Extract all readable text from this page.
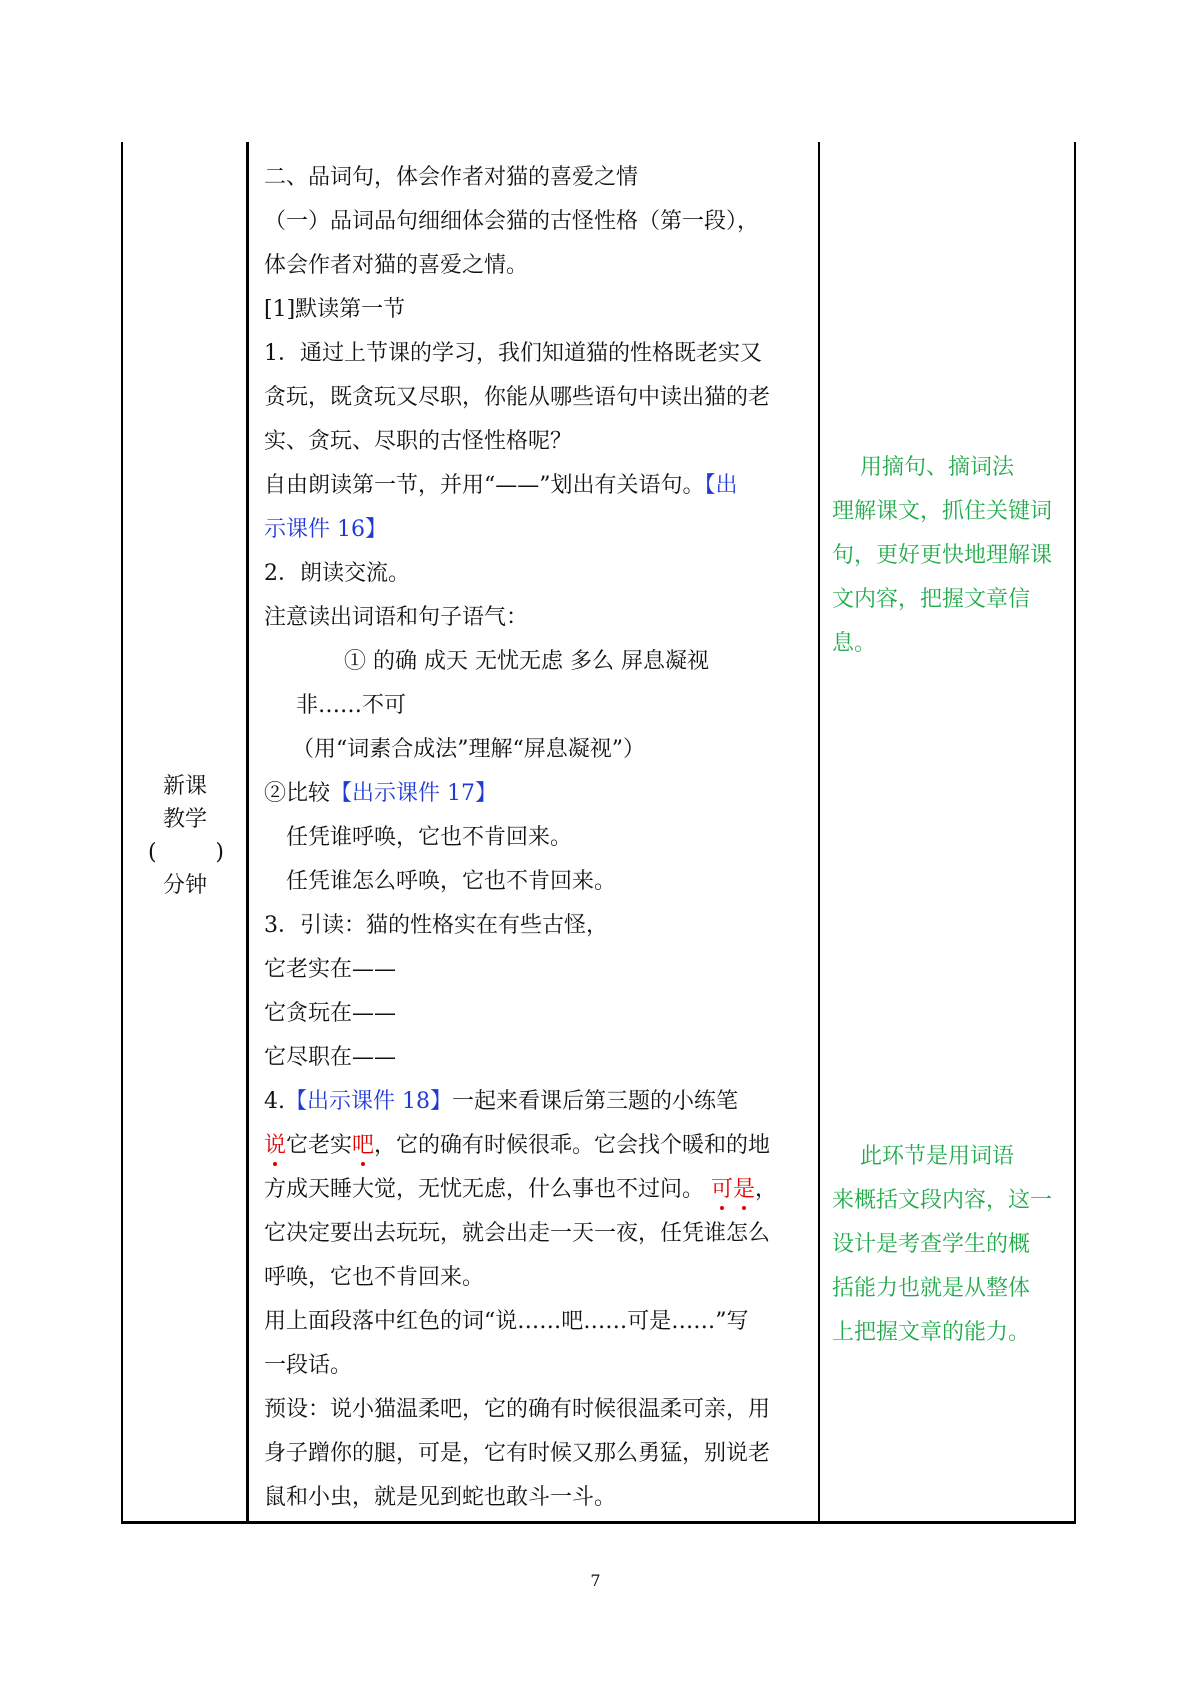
新课
教学
(	)
分钟
二、品词句，体会作者对猫的喜爱之情
（一）品词品句细细体会猫的古怪性格（第一段），
体会作者对猫的喜爱之情。
[1]默读第一节
1．通过上节课的学习，我们知道猫的性格既老实又
贪玩，既贪玩又尽职，你能从哪些语句中读出猫的老
实、贪玩、尽职的古怪性格呢？
自由朗读第一节，并用“——”划出有关语句。【出
示课件 16】
2．朗读交流。
注意读出词语和句子语气：
① 的确 成天 无忧无虑 多么 屏息凝视
非……不可
（用“词素合成法”理解“屏息凝视”）
②比较【出示课件 17】
任凭谁呼唤，它也不肯回来。
任凭谁怎么呼唤，它也不肯回来。
3．引读：猫的性格实在有些古怪，
它老实在——
它贪玩在——
它尽职在——
4.【出示课件 18】一起来看课后第三题的小练笔
说它老实吧，它的确有时候很乖。它会找个暖和的地
方成天睡大觉，无忧无虑，什么事也不过问。 可是
，
它决定要出去玩玩，就会出走一天一夜，任凭谁怎么
呼唤，它也不肯回来。
用上面段落中红色的词“说……吧……可是……”写
一段话。
预设：说小猫温柔吧，它的确有时候很温柔可亲，用
身子蹭你的腿，可是，它有时候又那么勇猛，别说老
鼠和小虫，就是见到蛇也敢斗一斗。
用摘句、摘词法
理解课文，抓住关键词
句，更好更快地理解课
文内容，把握文章信
息。
此环节是用词语
来概括文段内容，这一
设计是考查学生的概
括能力也就是从整体
上把握文章的能力。
7
